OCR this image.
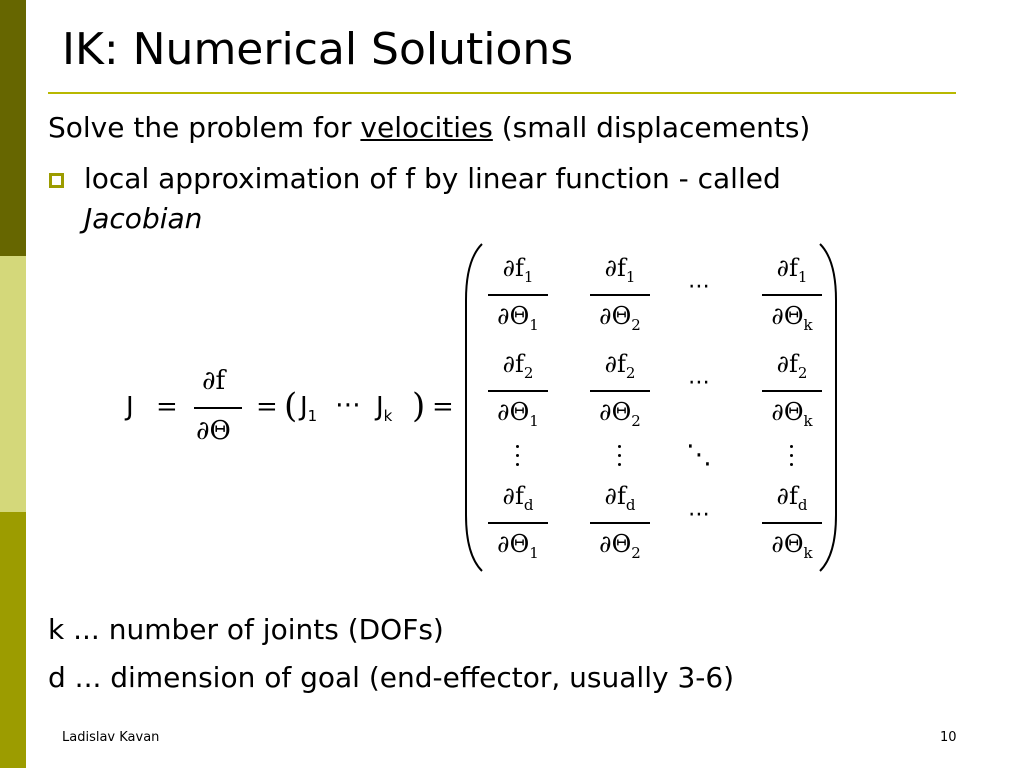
IK: Numerical Solutions
Solve the problem for velocities (small displacements)
local approximation of f by linear function - called
Jacobian
J =
∂f
∂Θ
= ( $J_1$ ⋯ $J_k$ ) =
$\partial f_1$
$\partial\Theta_1$
$\partial f_1$
$\partial\Theta_2$
⋯
$\partial f_1$
$\partial\Theta_k$
$\partial f_2$
$\partial\Theta_1$
$\partial f_2$
$\partial\Theta_2$
⋯
$\partial f_2$
$\partial\Theta_k$
⋱
$\partial f_d$
$\partial\Theta_1$
$\partial f_d$
$\partial\Theta_2$
⋯
$\partial f_d$
$\partial\Theta_k$
k ... number of joints (DOFs)
d ... dimension of goal (end-effector, usually 3-6)
Ladislav Kavan	10
